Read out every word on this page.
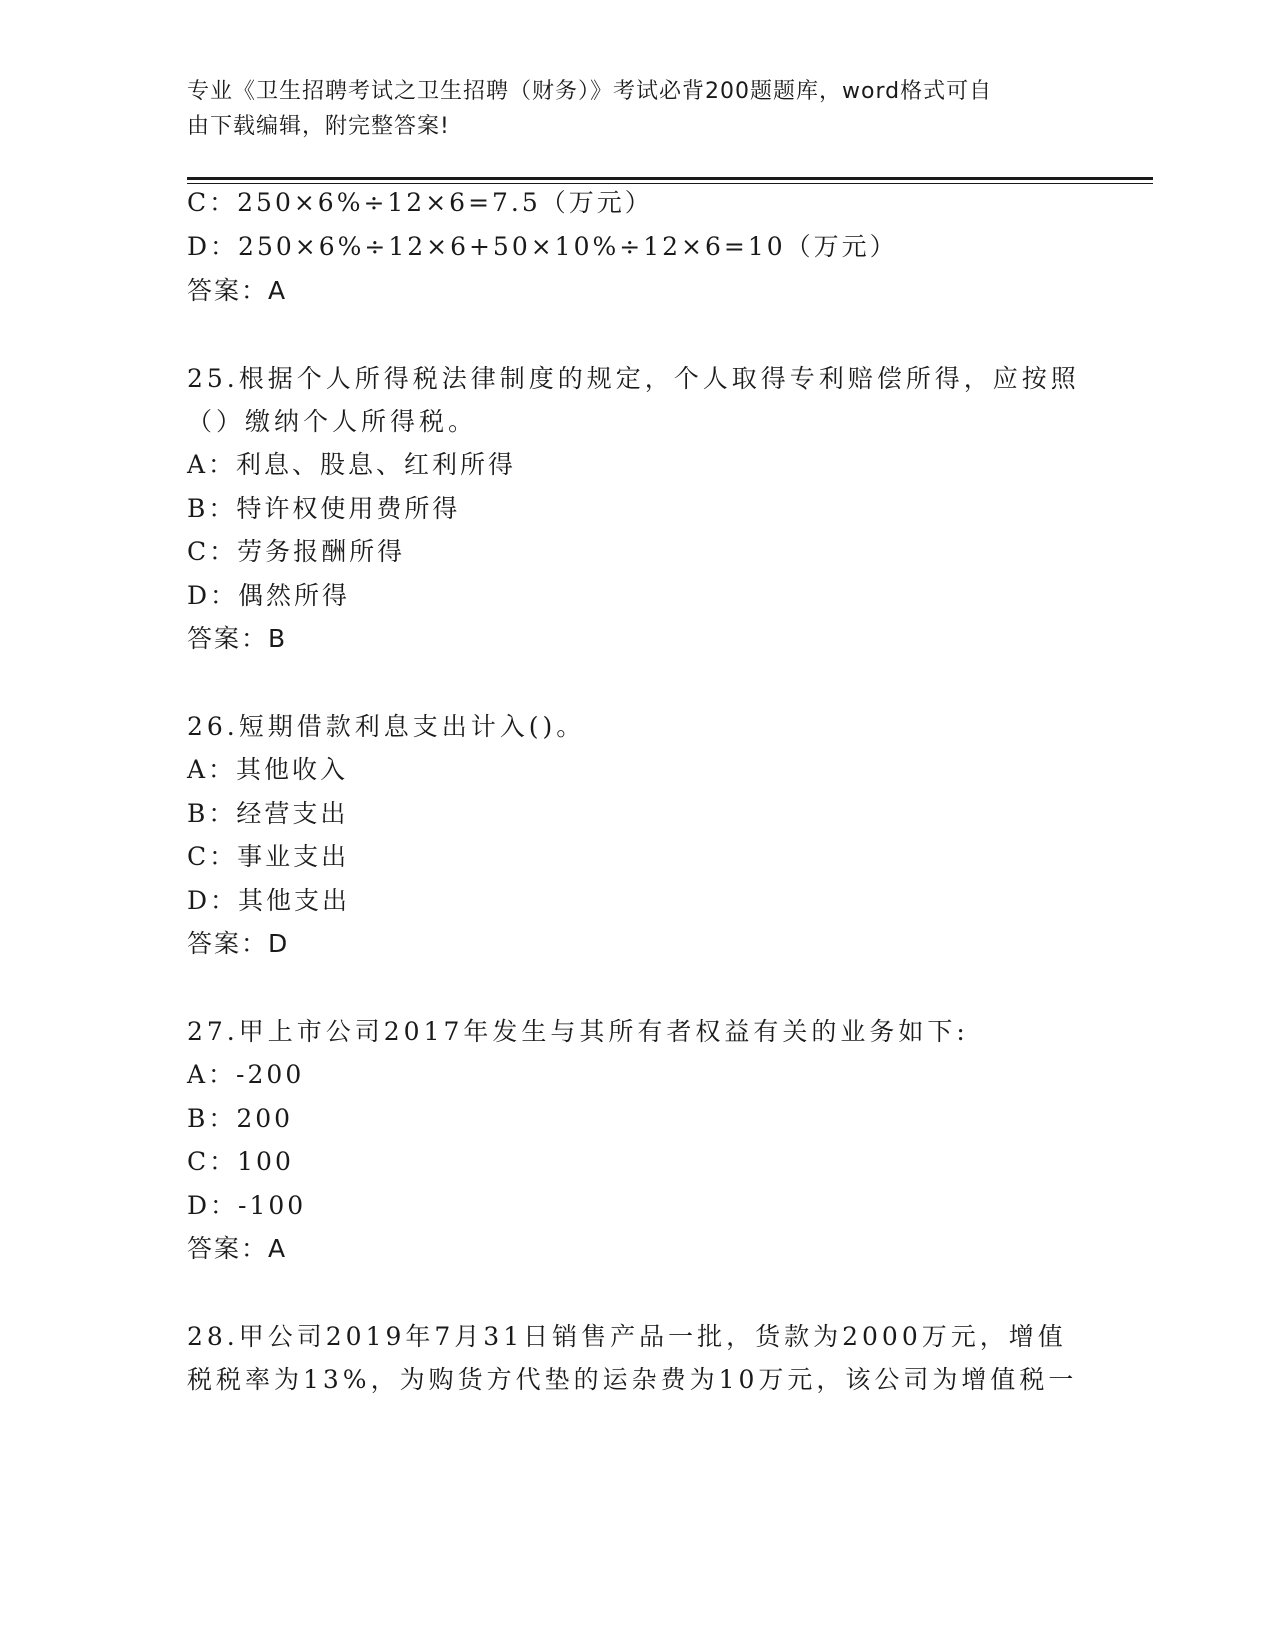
专业《卫生招聘考试之卫生招聘（财务）》考试必背200题题库，word格式可自
由下载编辑，附完整答案!
C：250×6%÷12×6=7.5（万元）
D：250×6%÷12×6+50×10%÷12×6=10（万元）
答案：A
25.根据个人所得税法律制度的规定，个人取得专利赔偿所得，应按照
（）缴纳个人所得税。
A：利息、股息、红利所得
B：特许权使用费所得
C：劳务报酬所得
D：偶然所得
答案：B
26.短期借款利息支出计入()。
A：其他收入
B：经营支出
C：事业支出
D：其他支出
答案：D
27.甲上市公司2017年发生与其所有者权益有关的业务如下:
A：-200
B：200
C：100
D：-100
答案：A
28.甲公司2019年7月31日销售产品一批，货款为2000万元，增值
税税率为13%，为购货方代垫的运杂费为10万元，该公司为增值税一
